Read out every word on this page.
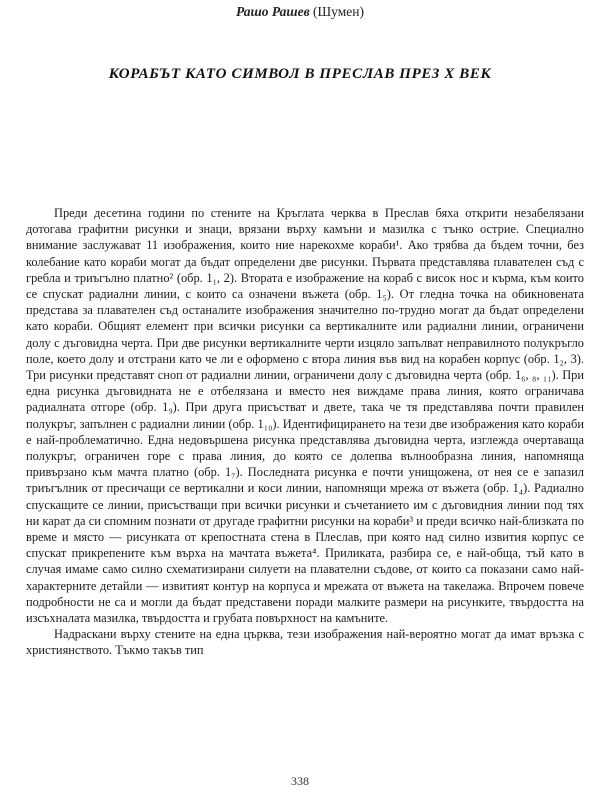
Рашо Рашев (Шумен)
КОРАБЪТ КАТО СИМВОЛ В ПРЕСЛАВ ПРЕЗ X ВЕК

Преди десетина години по стените на Кръглата черква в Преслав бяха открити незабелязани дотогава графитни рисунки и знаци, врязани върху камъни и мазилка с тънко острие. Специално внимание заслужават 11 изображения, които ние нарекохме кораби¹. Ако трябва да бъдем точни, без колебание като кораби могат да бъдат определени две рисунки. Първата представлява плавателен съд с гребла и триъгълно платно² (обр. 1₁, 2). Втората е изображение на кораб с висок нос и кърма, към които се спускат радиални линии, с които са означени въжета (обр. 1₅). От гледна точка на обикновената представа за плавателен съд останалите изображения значително по-трудно могат да бъдат определени като кораби. Общият елемент при всички рисунки са вертикалните или радиални линии, ограничени долу с дъговидна черта. При две рисунки вертикалните черти изцяло запълват неправилното полукръгло поле, което долу и отстрани като че ли е оформено с втора линия във вид на корабен корпус (обр. 1₂, 3). Три рисунки представят сноп от радиални линии, ограничени долу с дъговидна черта (обр. 1₆, ₈, ₁₁). При една рисунка дъговидната не е отбелязана и вместо нея виждаме права линия, която ограничава радиалната отгоре (обр. 1₉). При друга присъстват и двете, така че тя представлява почти правилен полукръг, запълнен с радиални линии (обр. 1₁₀). Идентифицирането на тези две изображения като кораби е най-проблематично. Една недовършена рисунка представлява дъговидна черта, изглежда очертаваща полукръг, ограничен горе с права линия, до която се долепва вълнообразна линия, напомняща привързано към мачта платно (обр. 1₇). Последната рисунка е почти унищожена, от нея се е запазил триъгълник от пресичащи се вертикални и коси линии, напомнящи мрежа от въжета (обр. 1₄). Радиално спускащите се линии, присъстващи при всички рисунки и съчетанието им с дъговидния линии под тях ни карат да си спомним познати от другаде графитни рисунки на кораби³ и преди всичко най-близката по време и място — рисунката от крепостната стена в Плеслав, при която над силно извития корпус се спускат прикрепените към върха на мачтата въжета⁴. Приликата, разбира се, е най-обща, тъй като в случая имаме само силно схематизирани силуети на плавателни съдове, от които са показани само най-характерните детайли — извитият контур на корпуса и мрежата от въжета на такелажа. Впрочем повече подробности не са и могли да бъдат представени поради малките размери на рисунките, твърдостта на изсъхналата мазилка, твърдостта и грубата повърхност на камъните.

Надраскани върху стените на една църква, тези изображения най-вероятно могат да имат връзка с християнството. Тъкмо такъв тип

338
